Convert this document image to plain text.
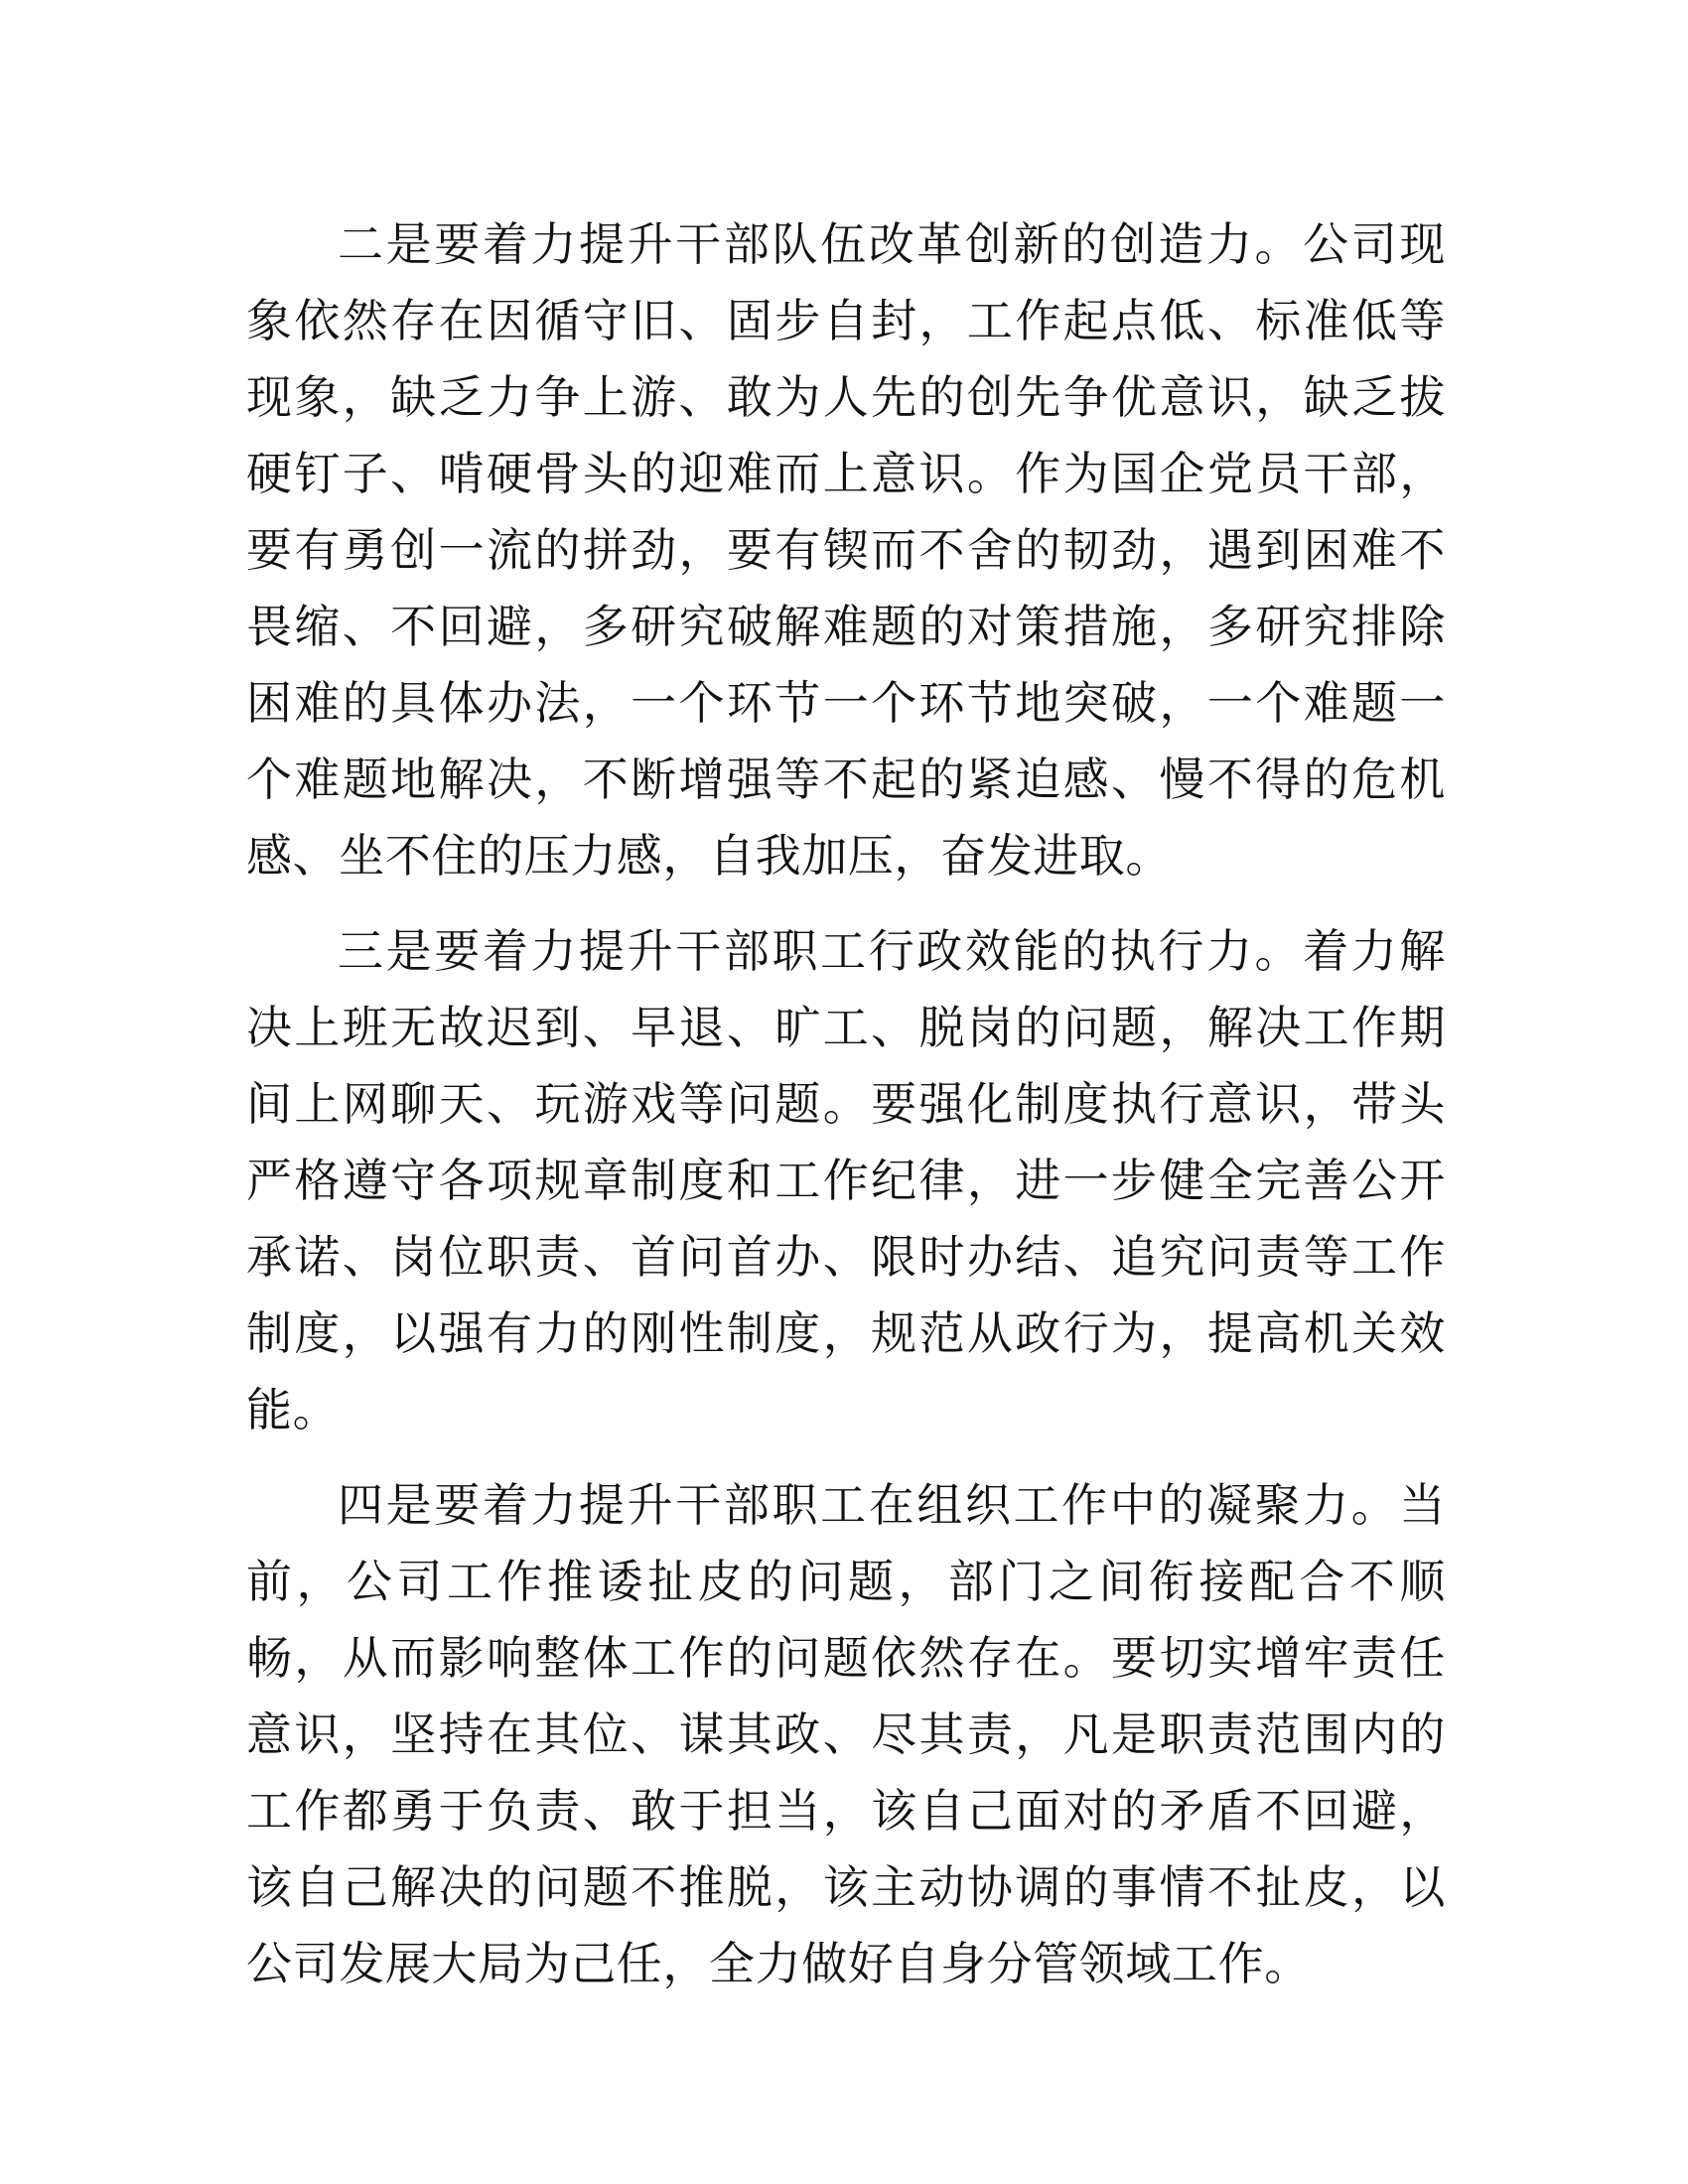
二是要着力提升干部队伍改革创新的创造力。公司现象依然存在因循守旧、固步自封，工作起点低、标准低等现象，缺乏力争上游、敢为人先的创先争优意识，缺乏拔硬钉子、啃硬骨头的迎难而上意识。作为国企党员干部，要有勇创一流的拼劲，要有锲而不舍的韧劲，遇到困难不畏缩、不回避，多研究破解难题的对策措施，多研究排除困难的具体办法，一个环节一个环节地突破，一个难题一个难题地解决，不断增强等不起的紧迫感、慢不得的危机感、坐不住的压力感，自我加压，奋发进取。

三是要着力提升干部职工行政效能的执行力。着力解决上班无故迟到、早退、旷工、脱岗的问题，解决工作期间上网聊天、玩游戏等问题。要强化制度执行意识，带头严格遵守各项规章制度和工作纪律，进一步健全完善公开承诺、岗位职责、首问首办、限时办结、追究问责等工作制度，以强有力的刚性制度，规范从政行为，提高机关效能。

四是要着力提升干部职工在组织工作中的凝聚力。当前，公司工作推诿扯皮的问题，部门之间衔接配合不顺畅，从而影响整体工作的问题依然存在。要切实增牢责任意识，坚持在其位、谋其政、尽其责，凡是职责范围内的工作都勇于负责、敢于担当，该自己面对的矛盾不回避，该自己解决的问题不推脱，该主动协调的事情不扯皮，以公司发展大局为己任，全力做好自身分管领域工作。
